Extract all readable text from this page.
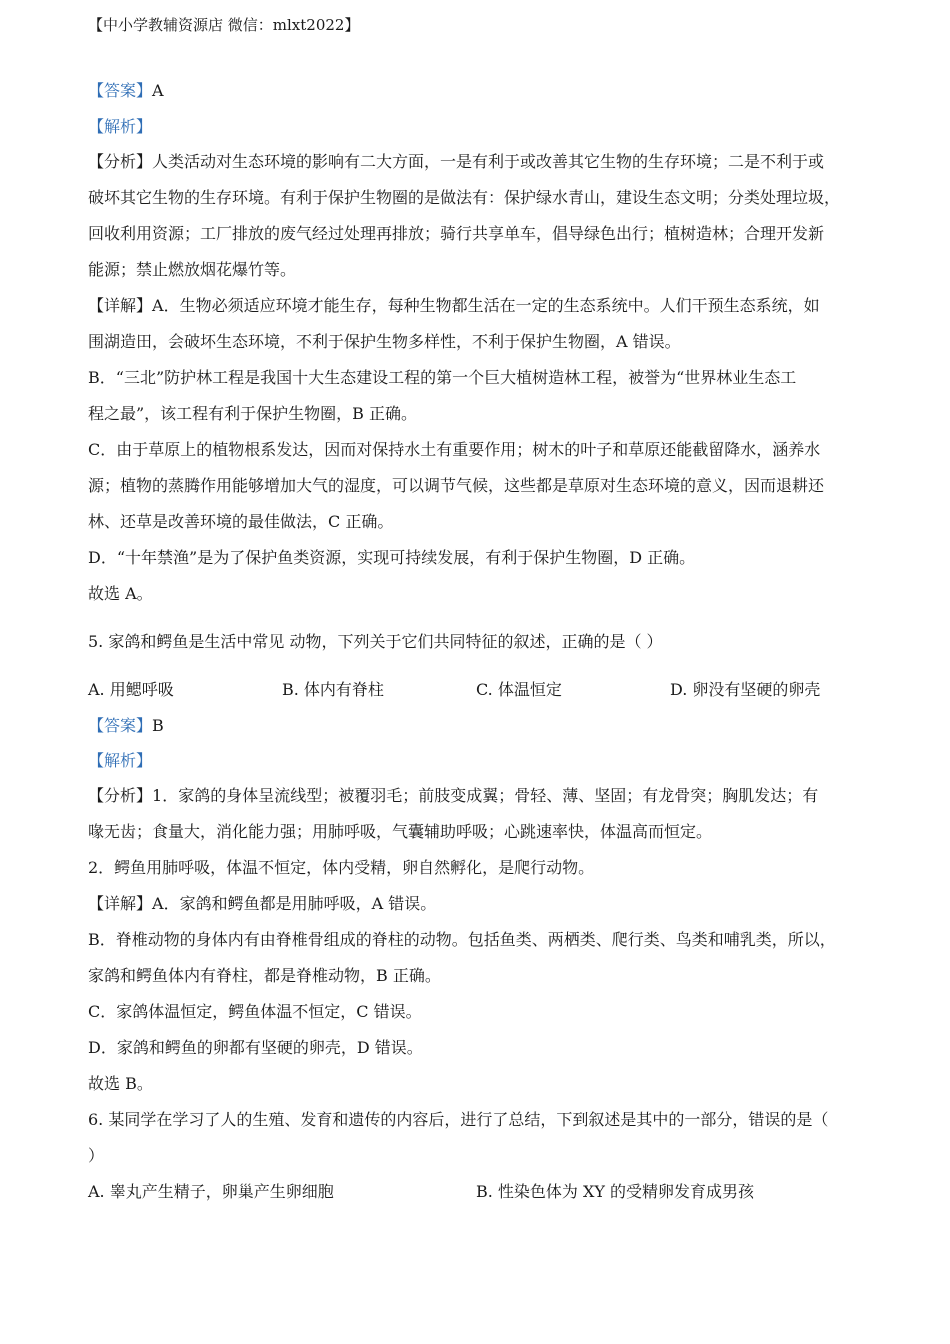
【中小学教辅资源店 微信：mlxt2022】
【答案】A
【解析】
【分析】人类活动对生态环境的影响有二大方面，一是有利于或改善其它生物的生存环境；二是不利于或
破坏其它生物的生存环境。有利于保护生物圈的是做法有：保护绿水青山，建设生态文明；分类处理垃圾，
回收利用资源；工厂排放的废气经过处理再排放；骑行共享单车，倡导绿色出行；植树造林；合理开发新
能源；禁止燃放烟花爆竹等。
【详解】A．生物必须适应环境才能生存，每种生物都生活在一定的生态系统中。人们干预生态系统，如
围湖造田，会破坏生态环境，不利于保护生物多样性，不利于保护生物圈，A 错误。
B．“三北”防护林工程是我国十大生态建设工程的第一个巨大植树造林工程，被誉为“世界林业生态工
程之最”，该工程有利于保护生物圈，B 正确。
C．由于草原上的植物根系发达，因而对保持水土有重要作用；树木的叶子和草原还能截留降水，涵养水
源；植物的蒸腾作用能够增加大气的湿度，可以调节气候，这些都是草原对生态环境的意义，因而退耕还
林、还草是改善环境的最佳做法，C 正确。
D．“十年禁渔”是为了保护鱼类资源，实现可持续发展，有利于保护生物圈，D 正确。
故选 A。
5. 家鸽和鳄鱼是生活中常见 动物，下列关于它们共同特征的叙述，正确的是（ ）
A. 用鳃呼吸	B. 体内有脊柱	C. 体温恒定	D. 卵没有坚硬的卵壳
【答案】B
【解析】
【分析】1．家鸽的身体呈流线型；被覆羽毛；前肢变成翼；骨轻、薄、坚固；有龙骨突；胸肌发达；有
喙无齿；食量大，消化能力强；用肺呼吸，气囊辅助呼吸；心跳速率快，体温高而恒定。
2．鳄鱼用肺呼吸，体温不恒定，体内受精，卵自然孵化，是爬行动物。
【详解】A．家鸽和鳄鱼都是用肺呼吸，A 错误。
B．脊椎动物的身体内有由脊椎骨组成的脊柱的动物。包括鱼类、两栖类、爬行类、鸟类和哺乳类，所以，
家鸽和鳄鱼体内有脊柱，都是脊椎动物，B 正确。
C．家鸽体温恒定，鳄鱼体温不恒定，C 错误。
D．家鸽和鳄鱼的卵都有坚硬的卵壳，D 错误。
故选 B。
6. 某同学在学习了人的生殖、发育和遗传的内容后，进行了总结，下到叙述是其中的一部分，错误的是（
）
A. 睾丸产生精子，卵巢产生卵细胞	B. 性染色体为 XY 的受精卵发育成男孩
